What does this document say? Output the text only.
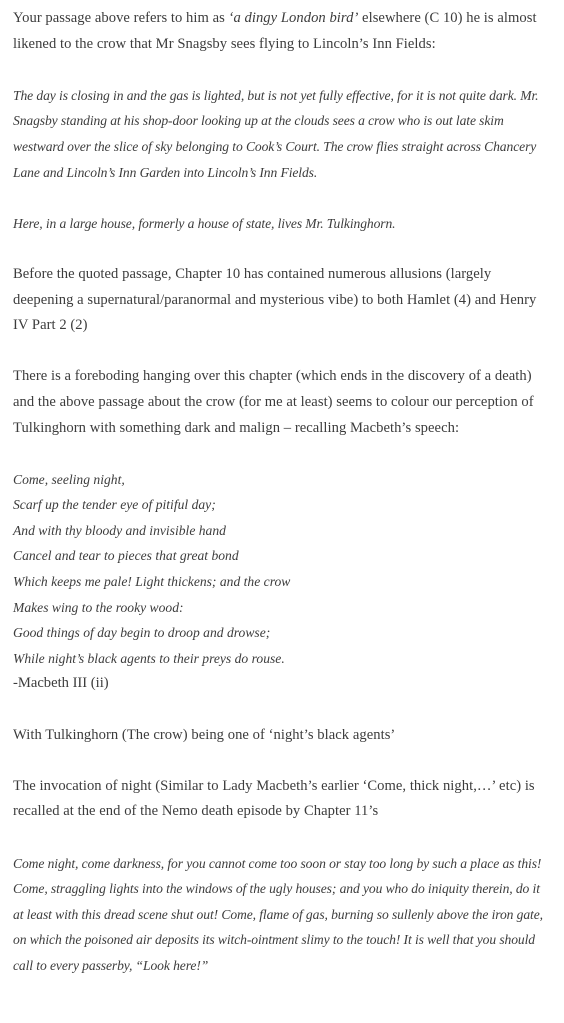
Your passage above refers to him as ‘a dingy London bird’ elsewhere (C 10) he is almost likened to the crow that Mr Snagsby sees flying to Lincoln’s Inn Fields:

The day is closing in and the gas is lighted, but is not yet fully effective, for it is not quite dark. Mr. Snagsby standing at his shop-door looking up at the clouds sees a crow who is out late skim westward over the slice of sky belonging to Cook’s Court. The crow flies straight across Chancery Lane and Lincoln’s Inn Garden into Lincoln’s Inn Fields.

Here, in a large house, formerly a house of state, lives Mr. Tulkinghorn.

Before the quoted passage, Chapter 10 has contained numerous allusions (largely deepening a supernatural/paranormal and mysterious vibe) to both Hamlet (4) and Henry IV Part 2 (2)

There is a foreboding hanging over this chapter (which ends in the discovery of a death) and the above passage about the crow (for me at least) seems to colour our perception of Tulkinghorn with something dark and malign – recalling Macbeth’s speech:

Come, seeling night,
Scarf up the tender eye of pitiful day;
And with thy bloody and invisible hand
Cancel and tear to pieces that great bond
Which keeps me pale! Light thickens; and the crow
Makes wing to the rooky wood:
Good things of day begin to droop and drowse;
While night’s black agents to their preys do rouse.
-Macbeth III (ii)

With Tulkinghorn (The crow) being one of ‘night’s black agents’

The invocation of night (Similar to Lady Macbeth’s earlier ‘Come, thick night,…’ etc) is recalled at the end of the Nemo death episode by Chapter 11’s

Come night, come darkness, for you cannot come too soon or stay too long by such a place as this! Come, straggling lights into the windows of the ugly houses; and you who do iniquity therein, do it at least with this dread scene shut out! Come, flame of gas, burning so sullenly above the iron gate, on which the poisoned air deposits its witch-ointment slimy to the touch! It is well that you should call to every passerby, “Look here!”
